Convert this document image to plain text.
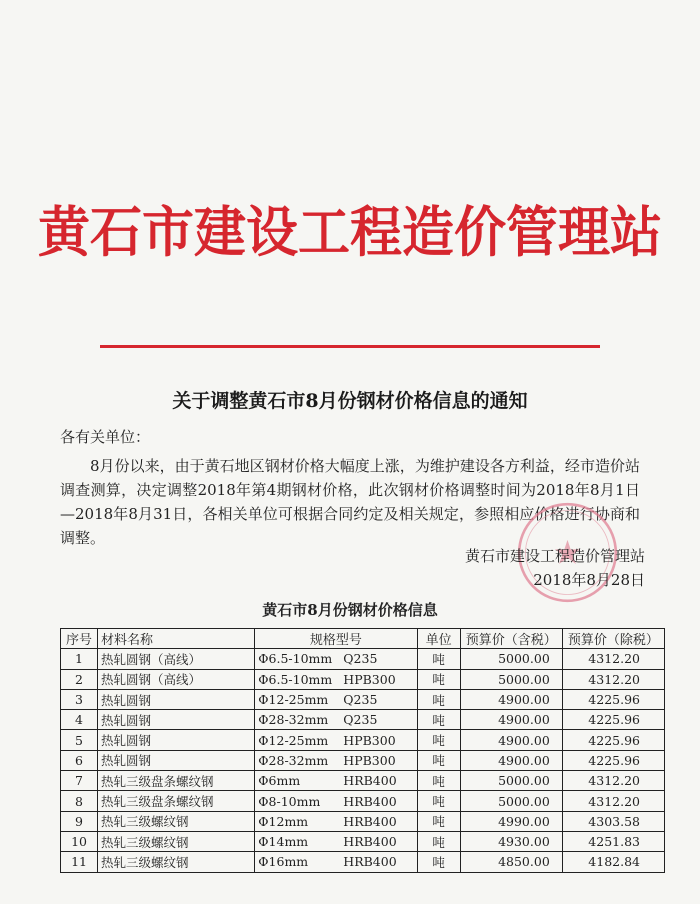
黄石市建设工程造价管理站
关于调整黄石市8月份钢材价格信息的通知
各有关单位：
8月份以来，由于黄石地区钢材价格大幅度上涨，为维护建设各方利益，经市造价站调查测算，决定调整2018年第4期钢材价格，此次钢材价格调整时间为2018年8月1日—2018年8月31日，各相关单位可根据合同约定及相关规定，参照相应价格进行协商和调整。
黄石市建设工程造价管理站
2018年8月28日
黄石市8月份钢材价格信息
序号	材料名称	规格型号	单位	预算价（含税）	预算价（除税）
1	热轧圆钢（高线）	Φ6.5-10mm Q235	吨	5000.00	4312.20
2	热轧圆钢（高线）	Φ6.5-10mm HPB300	吨	5000.00	4312.20
3	热轧圆钢	Φ12-25mm Q235	吨	4900.00	4225.96
4	热轧圆钢	Φ28-32mm Q235	吨	4900.00	4225.96
5	热轧圆钢	Φ12-25mm HPB300	吨	4900.00	4225.96
6	热轧圆钢	Φ28-32mm HPB300	吨	4900.00	4225.96
7	热轧三级盘条螺纹钢	Φ6mm HRB400	吨	5000.00	4312.20
8	热轧三级盘条螺纹钢	Φ8-10mm HRB400	吨	5000.00	4312.20
9	热轧三级螺纹钢	Φ12mm HRB400	吨	4990.00	4303.58
10	热轧三级螺纹钢	Φ14mm HRB400	吨	4930.00	4251.83
11	热轧三级螺纹钢	Φ16mm HRB400	吨	4850.00	4182.84
